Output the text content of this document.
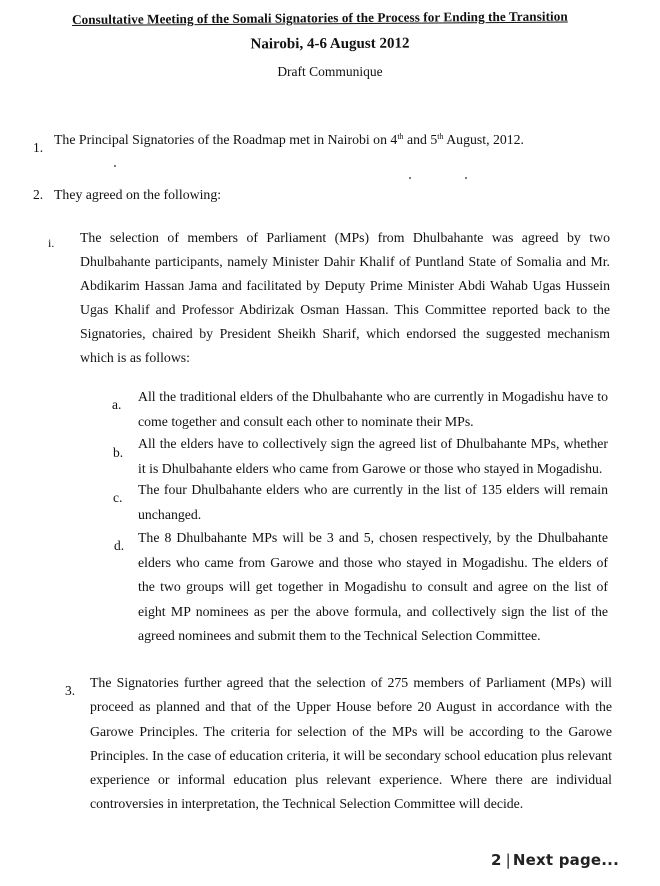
Consultative Meeting of the Somali Signatories of the Process for Ending the Transition
Nairobi, 4-6 August 2012
Draft Communique
1.
The Principal Signatories of the Roadmap met in Nairobi on 4th and 5th August, 2012.
2. They agreed on the following:
i. The selection of members of Parliament (MPs) from Dhulbahante was agreed by two Dhulbahante participants, namely Minister Dahir Khalif of Puntland State of Somalia and Mr. Abdikarim Hassan Jama and facilitated by Deputy Prime Minister Abdi Wahab Ugas Hussein Ugas Khalif and Professor Abdirizak Osman Hassan. This Committee reported back to the Signatories, chaired by President Sheikh Sharif, which endorsed the suggested mechanism which is as follows:
a.
All the traditional elders of the Dhulbahante who are currently in Mogadishu have to come together and consult each other to nominate their MPs.
b.
All the elders have to collectively sign the agreed list of Dhulbahante MPs, whether it is Dhulbahante elders who came from Garowe or those who stayed in Mogadishu.
c.
The four Dhulbahante elders who are currently in the list of 135 elders will remain unchanged.
d.
The 8 Dhulbahante MPs will be 3 and 5, chosen respectively, by the Dhulbahante elders who came from Garowe and those who stayed in Mogadishu. The elders of the two groups will get together in Mogadishu to consult and agree on the list of eight MP nominees as per the above formula, and collectively sign the list of the agreed nominees and submit them to the Technical Selection Committee.
3.
The Signatories further agreed that the selection of 275 members of Parliament (MPs) will proceed as planned and that of the Upper House before 20 August in accordance with the Garowe Principles. The criteria for selection of the MPs will be according to the Garowe Principles. In the case of education criteria, it will be secondary school education plus relevant experience or informal education plus relevant experience. Where there are individual controversies in interpretation, the Technical Selection Committee will decide.
2 | Next page...
